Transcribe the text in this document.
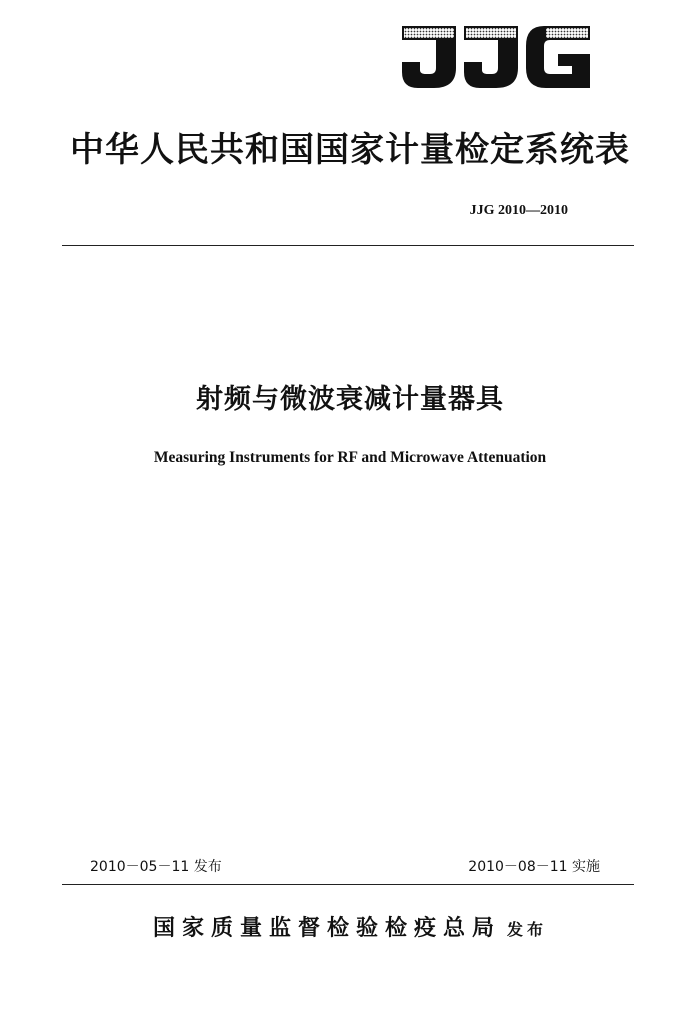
中华人民共和国国家计量检定系统表
JJG 2010—2010
射频与微波衰减计量器具
Measuring Instruments for RF and Microwave Attenuation
2010－05－11 发布	2010－08－11 实施
国家质量监督检验检疫总局 发布
